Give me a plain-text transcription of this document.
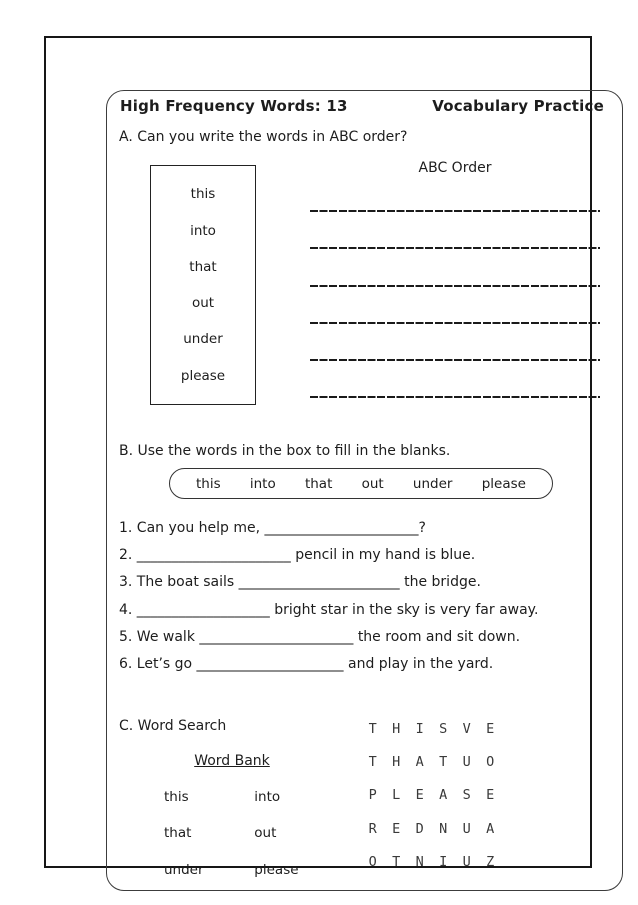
High Frequency Words: 13	Vocabulary Practice
A. Can you write the words in ABC order?
this
into
that
out
under
please
ABC Order
B. Use the words in the box to fill in the blanks.
this into that out under please
1. Can you help me, ______________________?
2. ______________________ pencil in my hand is blue.
3. The boat sails _______________________ the bridge.
4. ___________________ bright star in the sky is very far away.
5. We walk ______________________ the room and sit down.
6. Let’s go _____________________ and play in the yard.
C. Word Search
Word Bank
this	into
that	out
under	please
T	H	I	S	V	E
T	H	A	T	U	O
P	L	E	A	S	E
R	E	D	N	U	A
O	T	N	I	U	Z
